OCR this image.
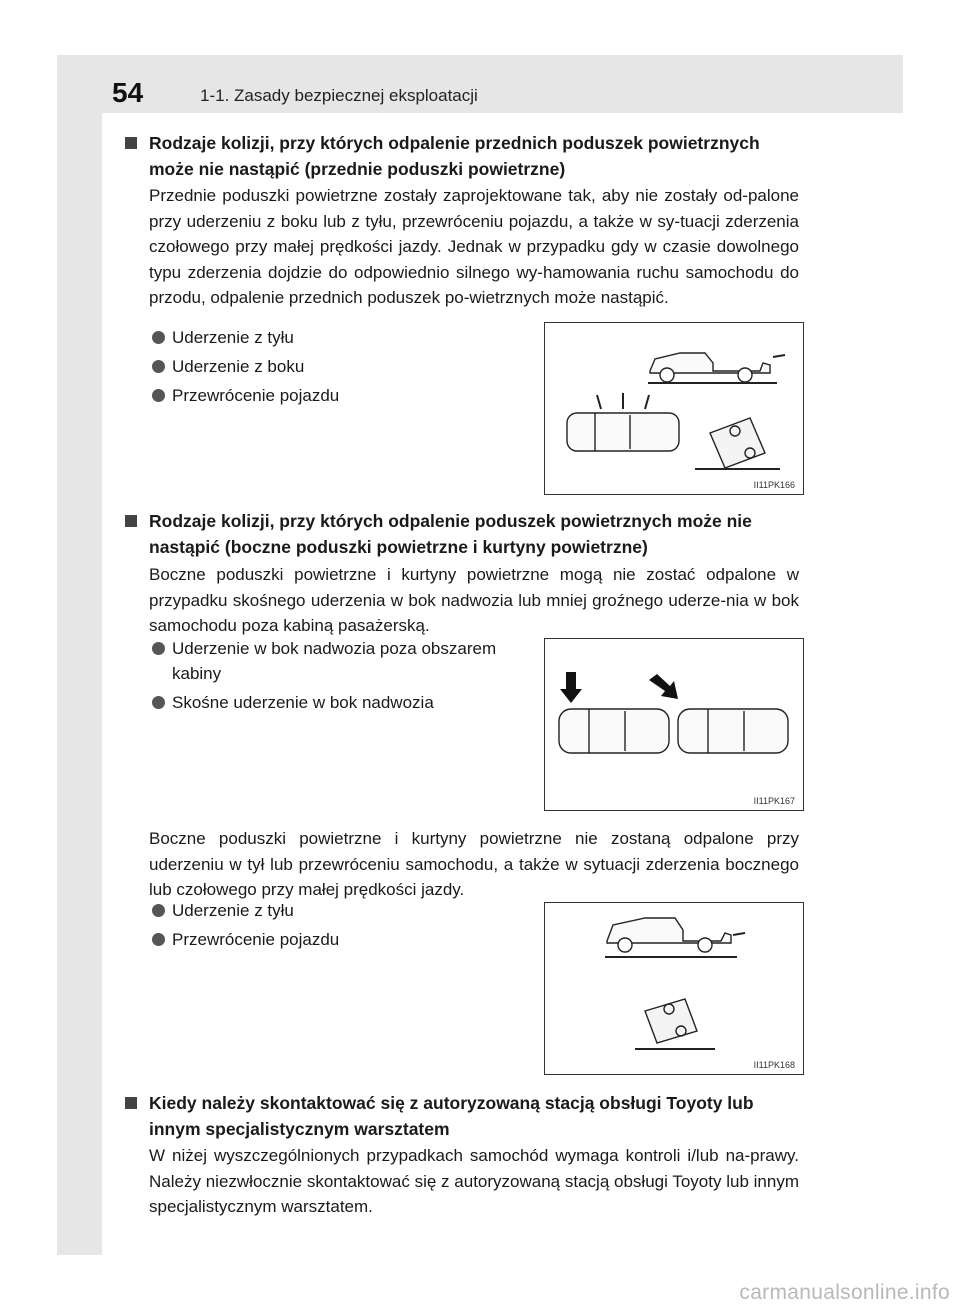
54	1-1. Zasady bezpiecznej eksploatacji
Rodzaje kolizji, przy których odpalenie przednich poduszek powietrznych może nie nastąpić (przednie poduszki powietrzne)
Przednie poduszki powietrzne zostały zaprojektowane tak, aby nie zostały od-palone przy uderzeniu z boku lub z tyłu, przewróceniu pojazdu, a także w sy-tuacji zderzenia czołowego przy małej prędkości jazdy. Jednak w przypadku gdy w czasie dowolnego typu zderzenia dojdzie do odpowiednio silnego wy-hamowania ruchu samochodu do przodu, odpalenie przednich poduszek po-wietrznych może nastąpić.
Uderzenie z tyłu
Uderzenie z boku
Przewrócenie pojazdu
II11PK166
Rodzaje kolizji, przy których odpalenie poduszek powietrznych może nie nastąpić (boczne poduszki powietrzne i kurtyny powietrzne)
Boczne poduszki powietrzne i kurtyny powietrzne mogą nie zostać odpalone w przypadku skośnego uderzenia w bok nadwozia lub mniej groźnego uderze-nia w bok samochodu poza kabiną pasażerską.
Uderzenie w bok nadwozia poza obszarem kabiny
Skośne uderzenie w bok nadwozia
II11PK167
Boczne poduszki powietrzne i kurtyny powietrzne nie zostaną odpalone przy uderzeniu w tył lub przewróceniu samochodu, a także w sytuacji zderzenia bocznego lub czołowego przy małej prędkości jazdy.
Uderzenie z tyłu
Przewrócenie pojazdu
II11PK168
Kiedy należy skontaktować się z autoryzowaną stacją obsługi Toyoty lub innym specjalistycznym warsztatem
W niżej wyszczególnionych przypadkach samochód wymaga kontroli i/lub na-prawy. Należy niezwłocznie skontaktować się z autoryzowaną stacją obsługi Toyoty lub innym specjalistycznym warsztatem.
carmanualsonline.info
